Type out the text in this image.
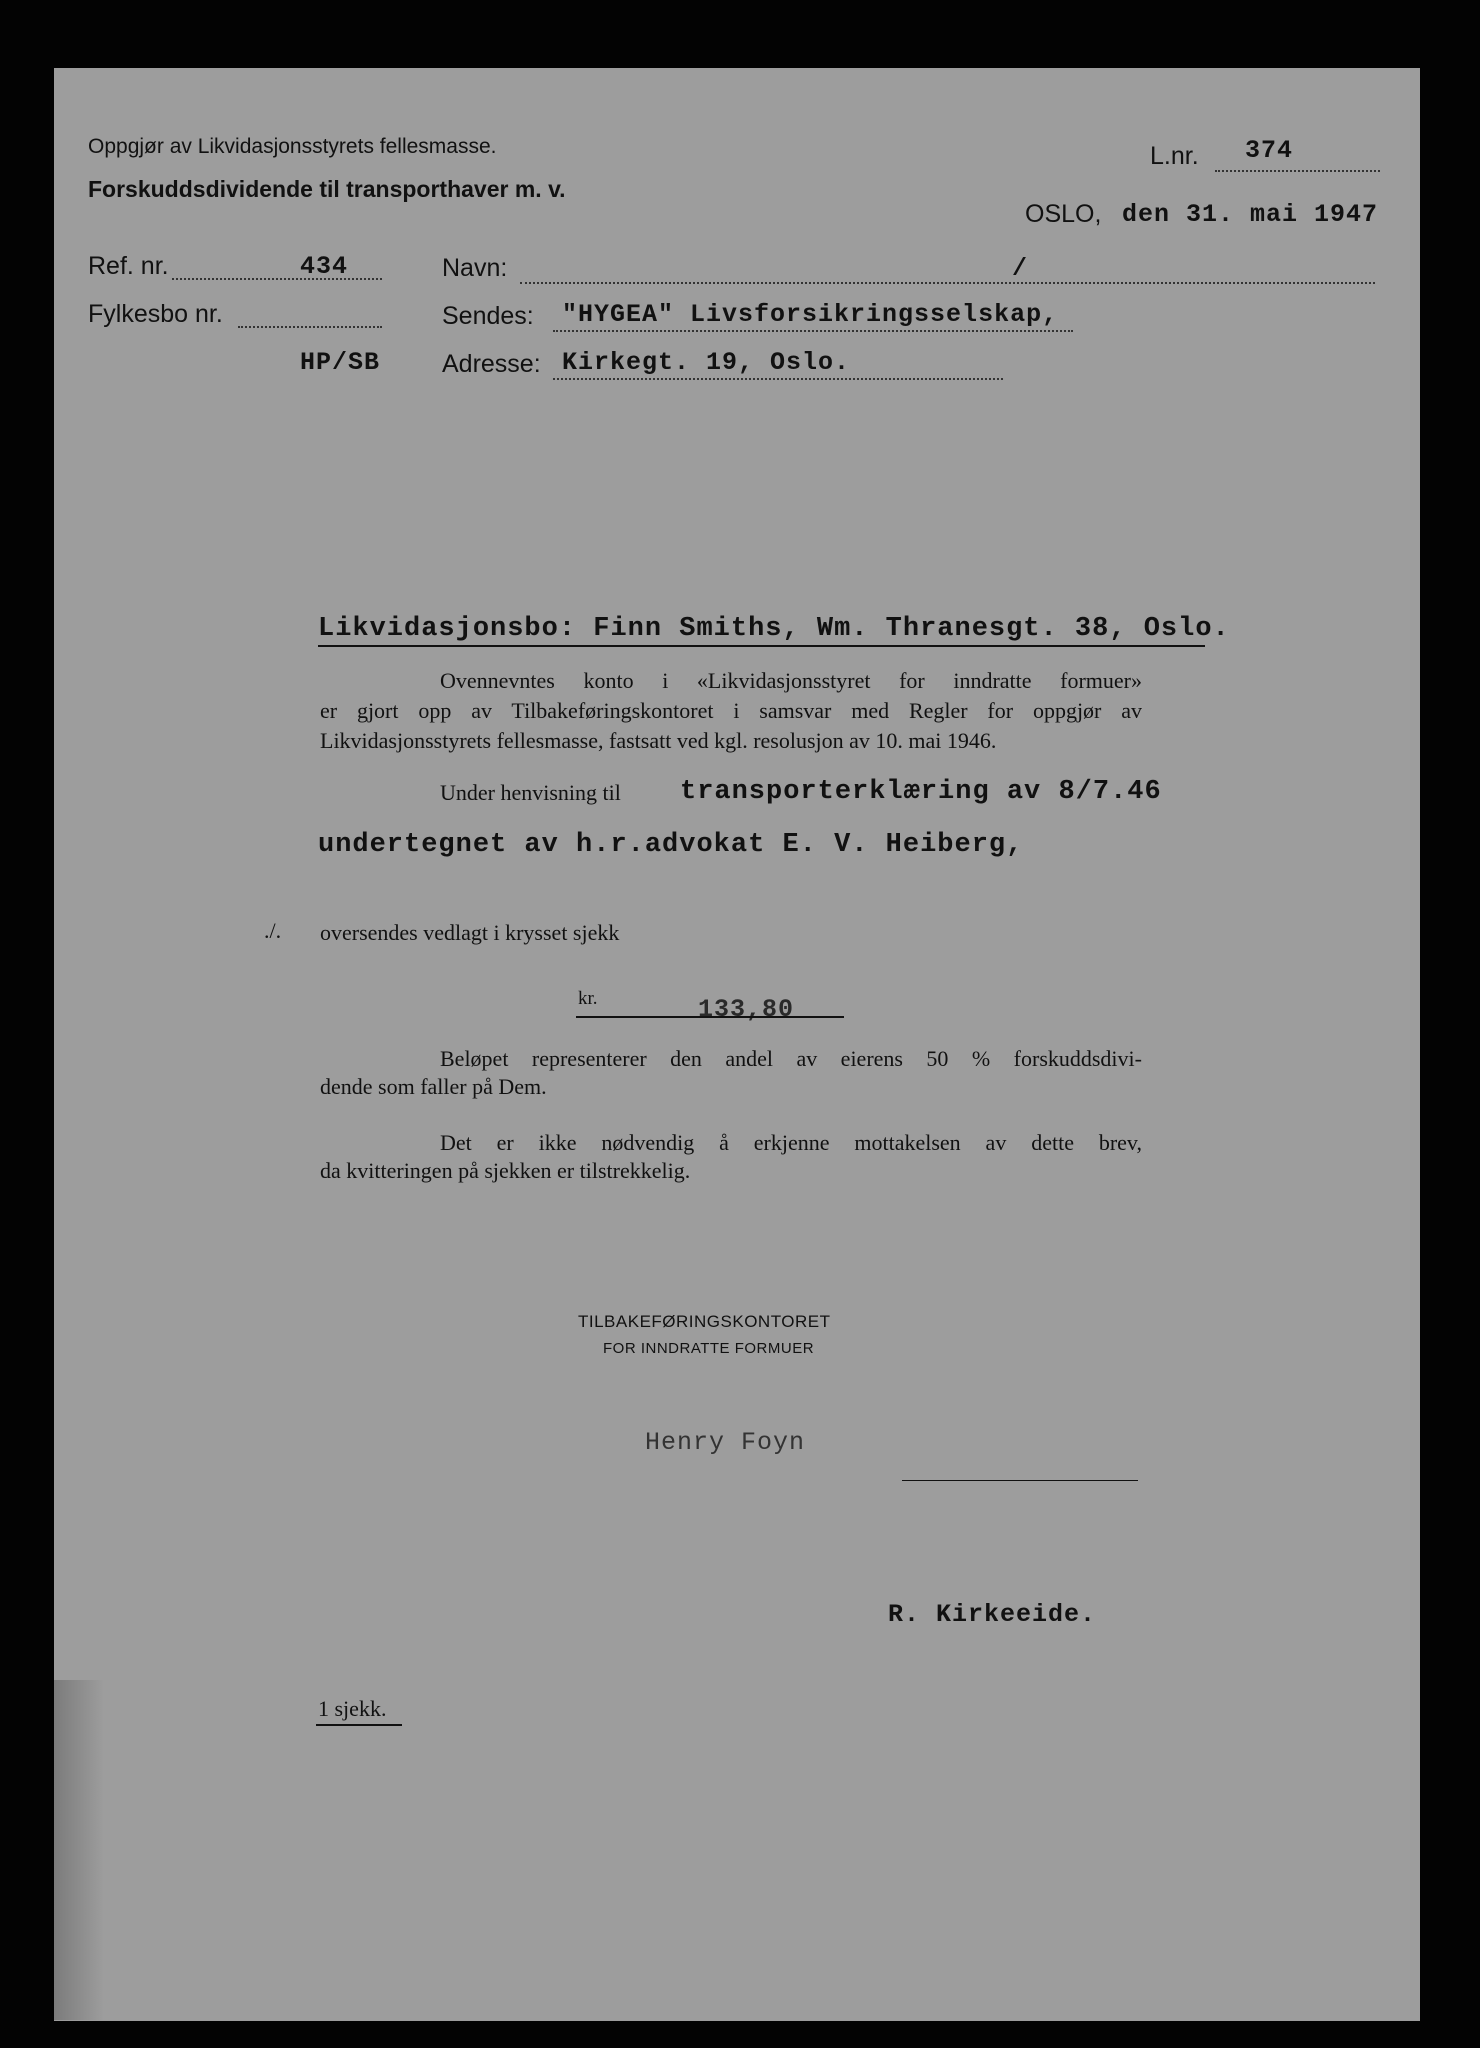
Oppgjør av Likvidasjonsstyrets fellesmasse.
Forskuddsdividende til transporthaver m. v.
L.nr. 374
OSLO, den 31. mai 1947
Ref. nr.	434
Fylkesbo nr.
HP/SB
Navn:	/
Sendes: "HYGEA" Livsforsikringsselskap,
Adresse: Kirkegt. 19, Oslo.
Likvidasjonsbo: Finn Smiths, Wm. Thranesgt. 38, Oslo.
Ovennevntes konto i «Likvidasjonsstyret for inndratte formuer»
er gjort opp av Tilbakeføringskontoret i samsvar med Regler for oppgjør av
Likvidasjonsstyrets fellesmasse, fastsatt ved kgl. resolusjon av 10. mai 1946.
Under henvisning til transporterklæring av 8/7.46
undertegnet av h.r.advokat E. V. Heiberg,
./. oversendes vedlagt i krysset sjekk
kr.	133,80
Beløpet representerer den andel av eierens 50 % forskuddsdivi-
dende som faller på Dem.
Det er ikke nødvendig å erkjenne mottakelsen av dette brev,
da kvitteringen på sjekken er tilstrekkelig.
TILBAKEFØRINGSKONTORET
FOR INNDRATTE FORMUER
Henry Foyn
R. Kirkeeide.
1 sjekk.
